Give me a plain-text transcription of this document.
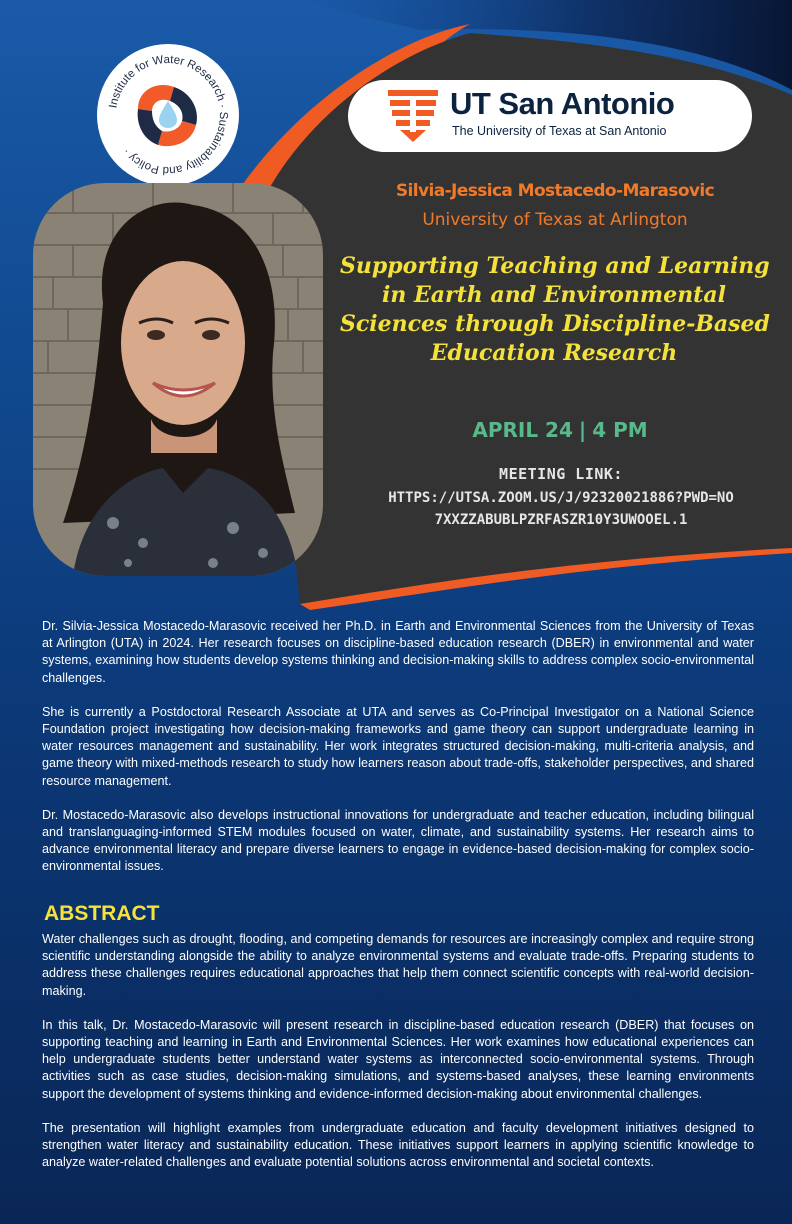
Institute for Water Research · Sustainability and Policy ·
UT San Antonio
The University of Texas at San Antonio
Silvia-Jessica Mostacedo-Marasovic
University of Texas at Arlington
Supporting Teaching and Learning
in Earth and Environmental
Sciences through Discipline-Based
Education Research
APRIL 24 | 4 PM
MEETING LINK:
HTTPS://UTSA.ZOOM.US/J/92320021886?PWD=NO
7XXZZABUBLPZRFASZR10Y3UWOOEL.1

Dr. Silvia-Jessica Mostacedo-Marasovic received her Ph.D. in Earth and Environmental Sciences from the University of Texas at Arlington (UTA) in 2024. Her research focuses on discipline-based education research (DBER) in environmental and water systems, examining how students develop systems thinking and decision-making skills to address complex socio-environmental challenges.

She is currently a Postdoctoral Research Associate at UTA and serves as Co-Principal Investigator on a National Science Foundation project investigating how decision-making frameworks and game theory can support undergraduate learning in water resources management and sustainability. Her work integrates structured decision-making, multi-criteria analysis, and game theory with mixed-methods research to study how learners reason about trade-offs, stakeholder perspectives, and shared resource management.

Dr. Mostacedo-Marasovic also develops instructional innovations for undergraduate and teacher education, including bilingual and translanguaging-informed STEM modules focused on water, climate, and sustainability systems. Her research aims to advance environmental literacy and prepare diverse learners to engage in evidence-based decision-making for complex socio-environmental issues.

ABSTRACT

Water challenges such as drought, flooding, and competing demands for resources are increasingly complex and require strong scientific understanding alongside the ability to analyze environmental systems and evaluate trade-offs. Preparing students to address these challenges requires educational approaches that help them connect scientific concepts with real-world decision-making.

In this talk, Dr. Mostacedo-Marasovic will present research in discipline-based education research (DBER) that focuses on supporting teaching and learning in Earth and Environmental Sciences. Her work examines how educational experiences can help undergraduate students better understand water systems as interconnected socio-environmental systems. Through activities such as case studies, decision-making simulations, and systems-based analyses, these learning environments support the development of systems thinking and evidence-informed decision-making about environmental challenges.

The presentation will highlight examples from undergraduate education and faculty development initiatives designed to strengthen water literacy and sustainability education. These initiatives support learners in applying scientific knowledge to analyze water-related challenges and evaluate potential solutions across environmental and societal contexts.
